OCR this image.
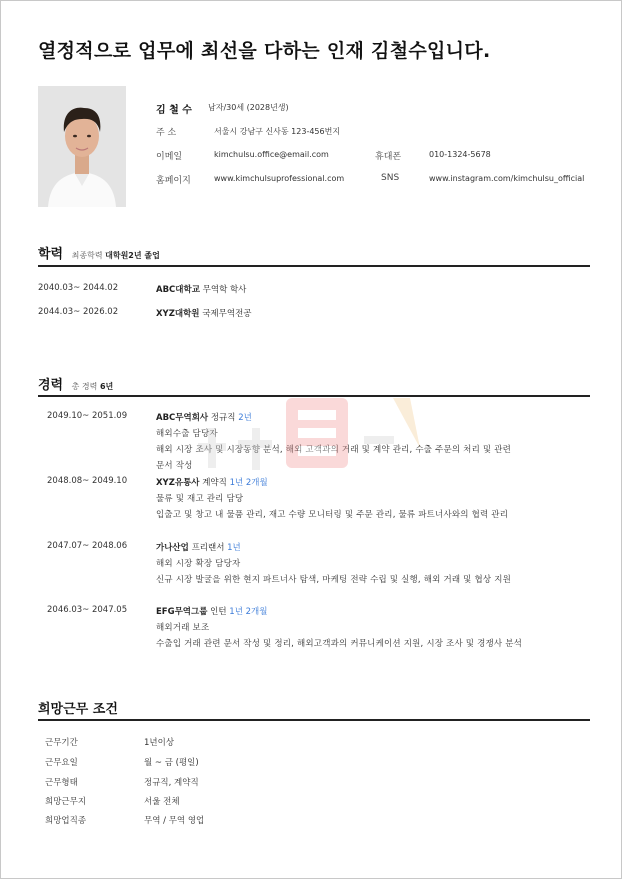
열정적으로 업무에 최선을 다하는 인재 김철수입니다.
김 철 수 남자/30세 (2028년생)
주 소	서울시 강남구 신사동 123-456번지
이메일	kimchulsu.office@email.com	휴대폰	010-1324-5678
홈페이지	www.kimchulsuprofessional.com	SNS	www.instagram.com/kimchulsu_official
학력 최종학력 대학원2년 졸업
2040.03~ 2044.02	ABC대학교 무역학 학사
2044.03~ 2026.02	XYZ대학원 국제무역전공
경력 총 경력 6년
2049.10~ 2051.09	ABC무역회사 정규직 2년
해외수출 담당자
해외 시장 조사 및 시장동향 분석, 해외 고객과의 거래 및 계약 관리, 수출 주문의 처리 및 관련
문서 작성
2048.08~ 2049.10	XYZ유통사 계약직 1년 2개월
물류 및 재고 관리 담당
입출고 및 창고 내 물품 관리, 재고 수량 모니터링 및 주문 관리, 물류 파트너사와의 협력 관리
2047.07~ 2048.06	가나산업 프리랜서 1년
해외 시장 확장 담당자
신규 시장 발굴을 위한 현지 파트너사 탐색, 마케팅 전략 수립 및 실행, 해외 거래 및 협상 지원
2046.03~ 2047.05	EFG무역그룹 인턴 1년 2개월
해외거래 보조
수출입 거래 관련 문서 작성 및 정리, 해외고객과의 커뮤니케이션 지원, 시장 조사 및 경쟁사 분석
희망근무 조건
근무기간	1년이상
근무요일	월 ~ 금 (평일)
근무형태	정규직, 계약직
희망근무지	서울 전체
희망업직종	무역 / 무역 영업
